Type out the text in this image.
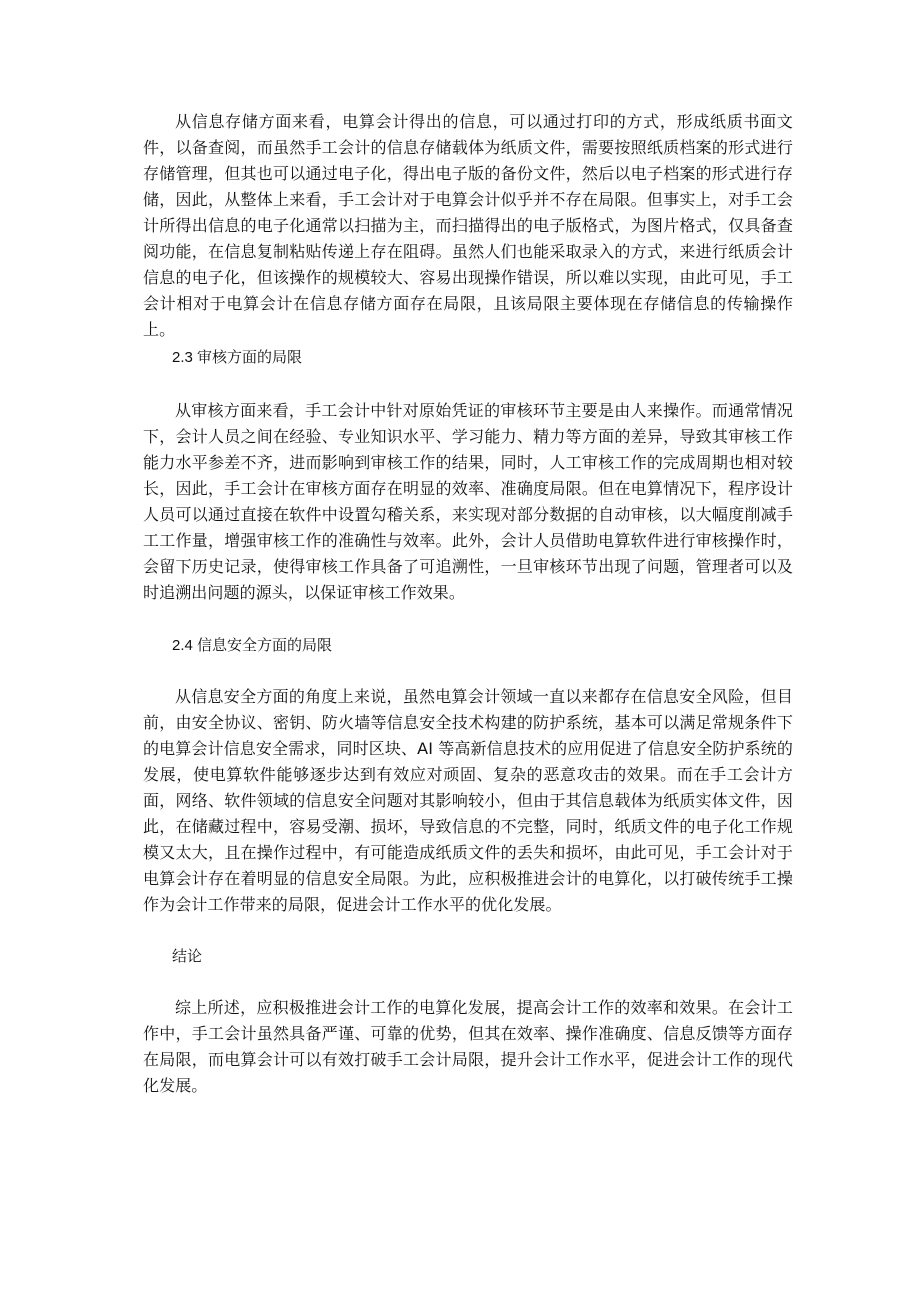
从信息存储方面来看，电算会计得出的信息，可以通过打印的方式，形成纸质书面文件，以备查阅，而虽然手工会计的信息存储载体为纸质文件，需要按照纸质档案的形式进行存储管理，但其也可以通过电子化，得出电子版的备份文件，然后以电子档案的形式进行存储，因此，从整体上来看，手工会计对于电算会计似乎并不存在局限。但事实上，对手工会计所得出信息的电子化通常以扫描为主，而扫描得出的电子版格式，为图片格式，仅具备查阅功能，在信息复制粘贴传递上存在阻碍。虽然人们也能采取录入的方式，来进行纸质会计信息的电子化，但该操作的规模较大、容易出现操作错误，所以难以实现，由此可见，手工会计相对于电算会计在信息存储方面存在局限，且该局限主要体现在存储信息的传输操作上。

2.3 审核方面的局限

从审核方面来看，手工会计中针对原始凭证的审核环节主要是由人来操作。而通常情况下，会计人员之间在经验、专业知识水平、学习能力、精力等方面的差异，导致其审核工作能力水平参差不齐，进而影响到审核工作的结果，同时，人工审核工作的完成周期也相对较长，因此，手工会计在审核方面存在明显的效率、准确度局限。但在电算情况下，程序设计人员可以通过直接在软件中设置勾稽关系，来实现对部分数据的自动审核，以大幅度削减手工工作量，增强审核工作的准确性与效率。此外，会计人员借助电算软件进行审核操作时，会留下历史记录，使得审核工作具备了可追溯性，一旦审核环节出现了问题，管理者可以及时追溯出问题的源头，以保证审核工作效果。

2.4 信息安全方面的局限

从信息安全方面的角度上来说，虽然电算会计领域一直以来都存在信息安全风险，但目前，由安全协议、密钥、防火墙等信息安全技术构建的防护系统，基本可以满足常规条件下的电算会计信息安全需求，同时区块、AI 等高新信息技术的应用促进了信息安全防护系统的发展，使电算软件能够逐步达到有效应对顽固、复杂的恶意攻击的效果。而在手工会计方面，网络、软件领域的信息安全问题对其影响较小，但由于其信息载体为纸质实体文件，因此，在储藏过程中，容易受潮、损坏，导致信息的不完整，同时，纸质文件的电子化工作规模又太大，且在操作过程中，有可能造成纸质文件的丢失和损坏，由此可见，手工会计对于电算会计存在着明显的信息安全局限。为此，应积极推进会计的电算化，以打破传统手工操作为会计工作带来的局限，促进会计工作水平的优化发展。

结论

综上所述，应积极推进会计工作的电算化发展，提高会计工作的效率和效果。在会计工作中，手工会计虽然具备严谨、可靠的优势，但其在效率、操作准确度、信息反馈等方面存在局限，而电算会计可以有效打破手工会计局限，提升会计工作水平，促进会计工作的现代化发展。
